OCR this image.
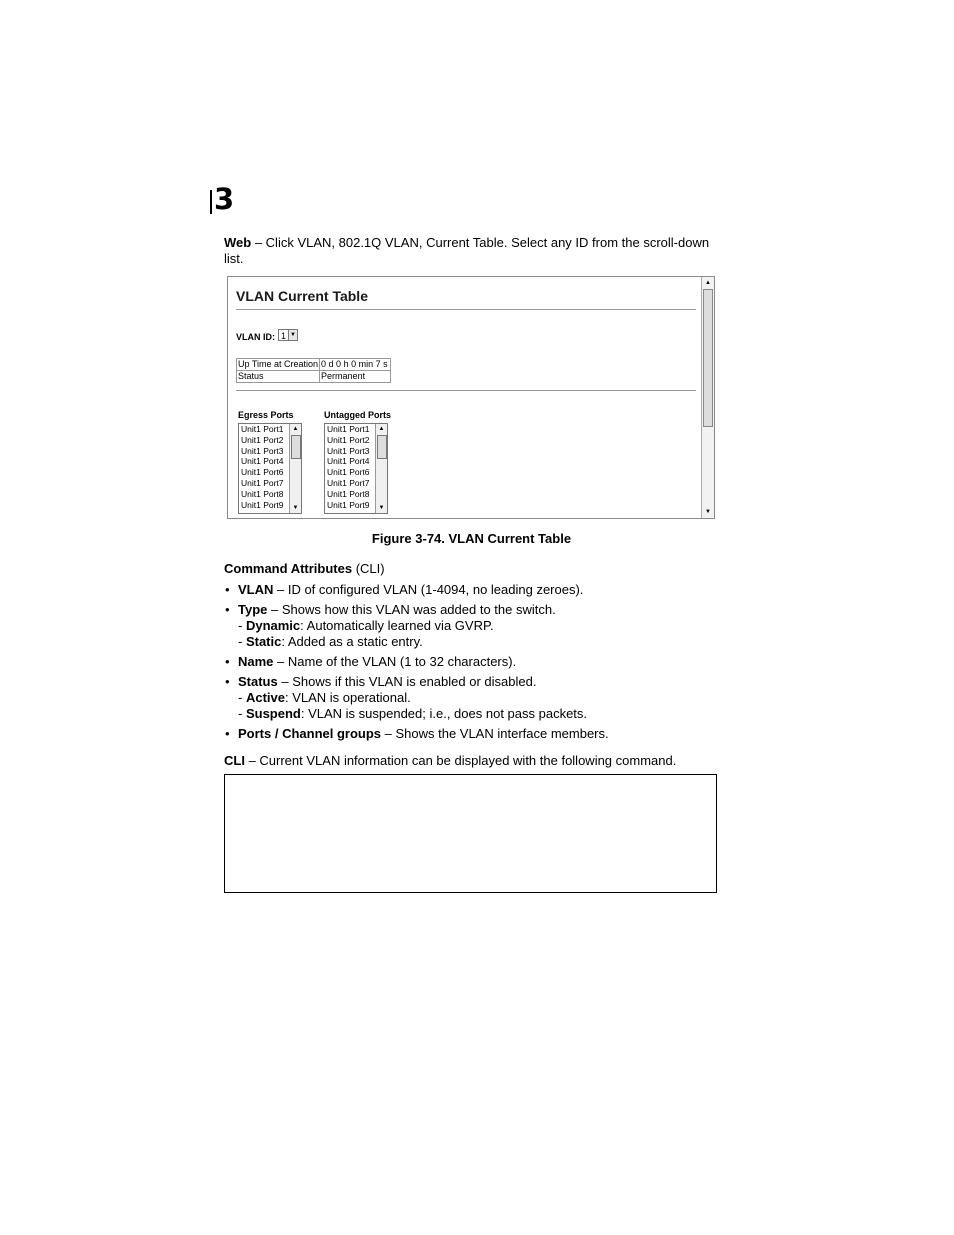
3
Web – Click VLAN, 802.1Q VLAN, Current Table. Select any ID from the scroll-down list.
VLAN Current Table
VLAN ID: 1 ▼
Up Time at Creation	0 d 0 h 0 min 7 s
Status	Permanent
Egress Ports	Untagged Ports
Unit1 Port1
Unit1 Port2
Unit1 Port3
Unit1 Port4
Unit1 Port6
Unit1 Port7
Unit1 Port8
Unit1 Port9
▲
▼
Unit1 Port1
Unit1 Port2
Unit1 Port3
Unit1 Port4
Unit1 Port6
Unit1 Port7
Unit1 Port8
Unit1 Port9
▲
▼
▲
▼
Figure 3-74. VLAN Current Table
Command Attributes (CLI)
• VLAN – ID of configured VLAN (1-4094, no leading zeroes).
• Type – Shows how this VLAN was added to the switch.
- Dynamic: Automatically learned via GVRP.
- Static: Added as a static entry.
• Name – Name of the VLAN (1 to 32 characters).
• Status – Shows if this VLAN is enabled or disabled.
- Active: VLAN is operational.
- Suspend: VLAN is suspended; i.e., does not pass packets.
• Ports / Channel groups – Shows the VLAN interface members.
CLI – Current VLAN information can be displayed with the following command.
